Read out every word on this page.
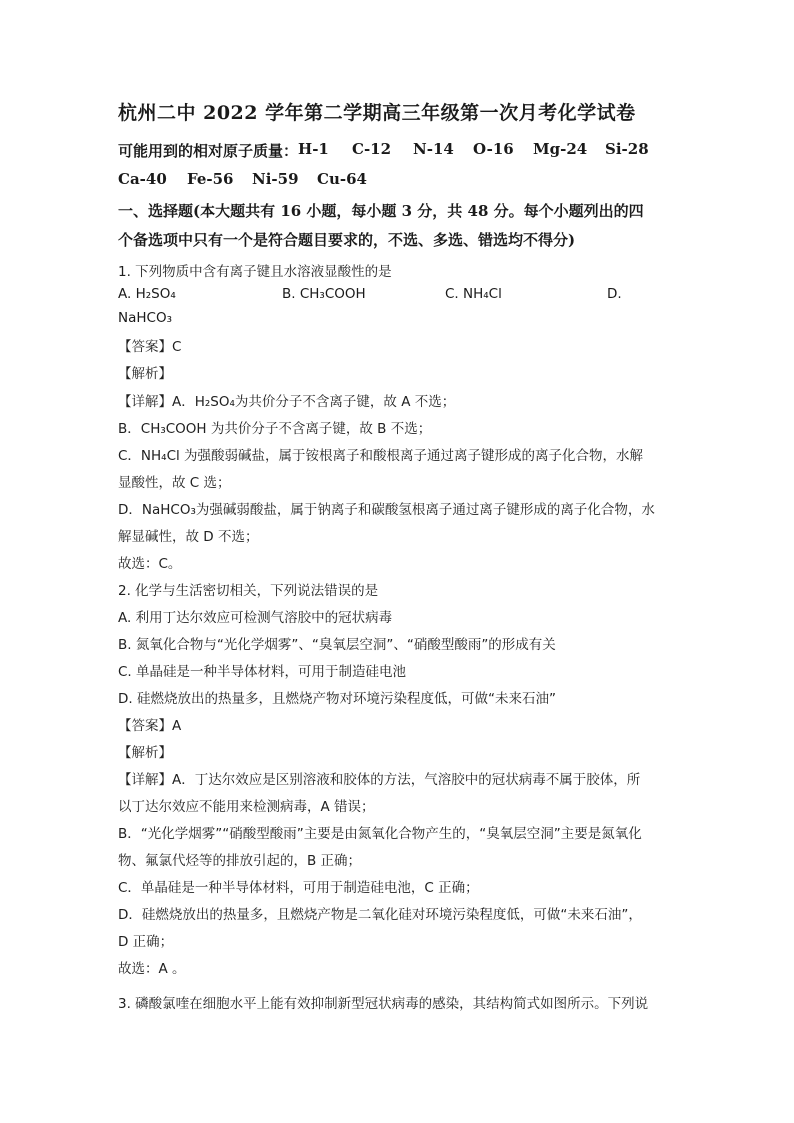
杭州二中 2022 学年第二学期高三年级第一次月考化学试卷
可能用到的相对原子质量： H-1	C-12	N-14	O-16	Mg-24	Si-28
Ca-40	Fe-56	Ni-59	Cu-64
一、选择题(本大题共有 16 小题，每小题 3 分，共 48 分。每个小题列出的四
个备选项中只有一个是符合题目要求的，不选、多选、错选均不得分)
1. 下列物质中含有离子键且水溶液显酸性的是
A. H₂SO₄	B. CH₃COOH	C. NH₄Cl	D.
NaHCO₃
【答案】C
【解析】
【详解】A．H₂SO₄为共价分子不含离子键，故 A 不选；
B．CH₃COOH 为共价分子不含离子键，故 B 不选；
C．NH₄Cl 为强酸弱碱盐，属于铵根离子和酸根离子通过离子键形成的离子化合物，水解
显酸性，故 C 选；
D．NaHCO₃为强碱弱酸盐，属于钠离子和碳酸氢根离子通过离子键形成的离子化合物，水
解显碱性，故 D 不选；
故选：C。
2. 化学与生活密切相关，下列说法错误的是
A. 利用丁达尔效应可检测气溶胶中的冠状病毒
B. 氮氧化合物与“光化学烟雾”、“臭氧层空洞”、“硝酸型酸雨”的形成有关
C. 单晶硅是一种半导体材料，可用于制造硅电池
D. 硅燃烧放出的热量多，且燃烧产物对环境污染程度低，可做“未来石油”
【答案】A
【解析】
【详解】A．丁达尔效应是区别溶液和胶体的方法，气溶胶中的冠状病毒不属于胶体，所
以丁达尔效应不能用来检测病毒，A 错误；
B．“光化学烟雾”“硝酸型酸雨”主要是由氮氧化合物产生的，“臭氧层空洞”主要是氮氧化
物、氟氯代烃等的排放引起的，B 正确；
C．单晶硅是一种半导体材料，可用于制造硅电池，C 正确；
D．硅燃烧放出的热量多，且燃烧产物是二氧化硅对环境污染程度低，可做“未来石油”，
D 正确；
故选：A 。
3. 磷酸氯喹在细胞水平上能有效抑制新型冠状病毒的感染，其结构简式如图所示。下列说
